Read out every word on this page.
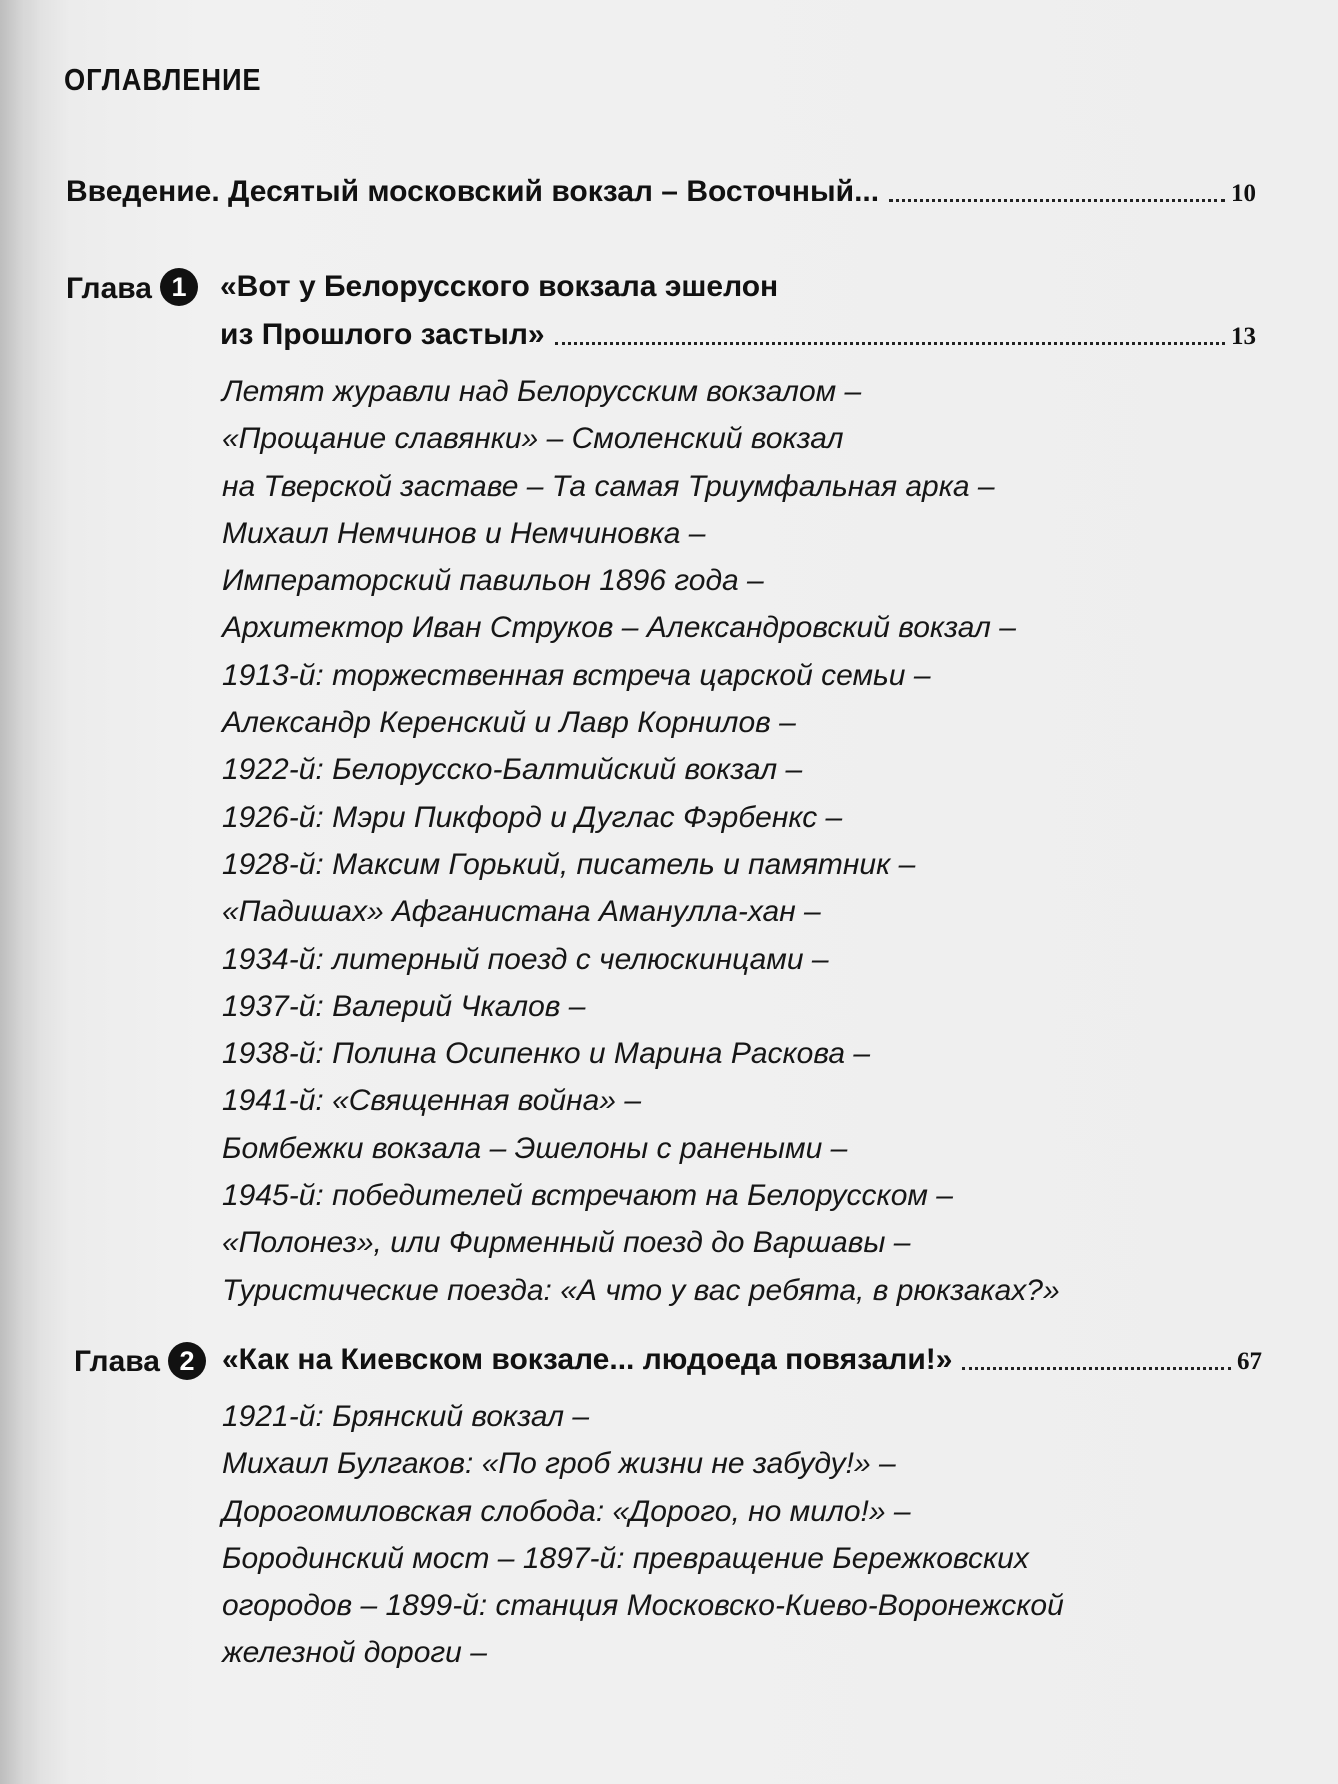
ОГЛАВЛЕНИЕ
Введение. Десятый московский вокзал – Восточный...	10
Глава 1	«Вот у Белорусского вокзала эшелон
из Прошлого застыл»	13
Летят журавли над Белорусским вокзалом –
«Прощание славянки» – Смоленский вокзал
на Тверской заставе – Та самая Триумфальная арка –
Михаил Немчинов и Немчиновка –
Императорский павильон 1896 года –
Архитектор Иван Струков – Александровский вокзал –
1913-й: торжественная встреча царской семьи –
Александр Керенский и Лавр Корнилов –
1922-й: Белорусско-Балтийский вокзал –
1926-й: Мэри Пикфорд и Дуглас Фэрбенкс –
1928-й: Максим Горький, писатель и памятник –
«Падишах» Афганистана Аманулла-хан –
1934-й: литерный поезд с челюскинцами –
1937-й: Валерий Чкалов –
1938-й: Полина Осипенко и Марина Раскова –
1941-й: «Священная война» –
Бомбежки вокзала – Эшелоны с ранеными –
1945-й: победителей встречают на Белорусском –
«Полонез», или Фирменный поезд до Варшавы –
Туристические поезда: «А что у вас ребята, в рюкзаках?»
Глава 2 «Как на Киевском вокзале... людоеда повязали!»	67
1921-й: Брянский вокзал –
Михаил Булгаков: «По гроб жизни не забуду!» –
Дорогомиловская слобода: «Дорого, но мило!» –
Бородинский мост – 1897-й: превращение Бережковских
огородов – 1899-й: станция Московско-Киево-Воронежской
железной дороги –
